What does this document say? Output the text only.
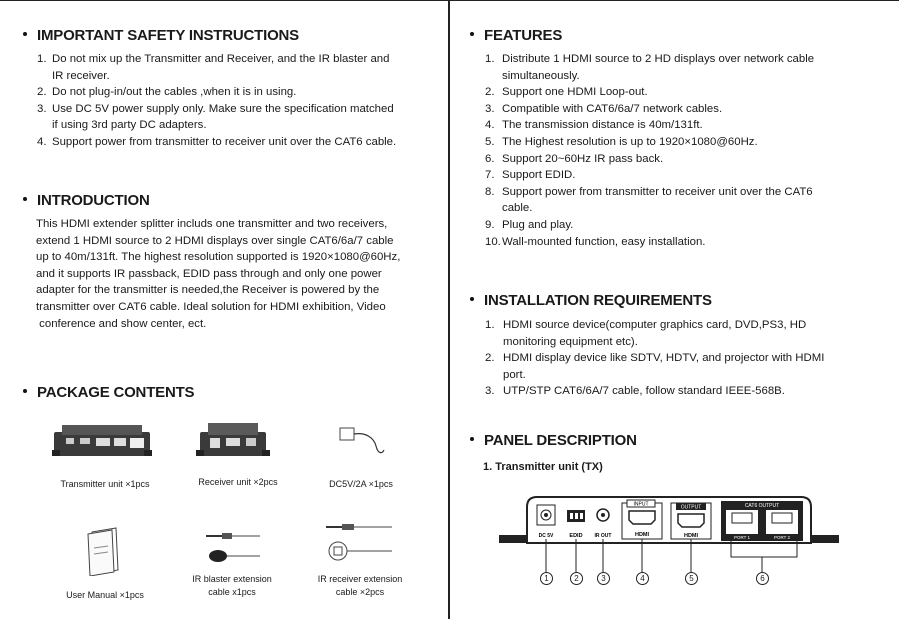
IMPORTANT SAFETY INSTRUCTIONS
1. Do not mix up the Transmitter and Receiver, and the IR blaster and
IR receiver.
2. Do not plug-in/out the cables ,when it is in using.
3. Use DC 5V power supply only. Make sure the specification matched
if using 3rd party DC adapters.
4. Support power from transmitter to receiver unit over the CAT6 cable.
INTRODUCTION
This HDMI extender splitter includs one transmitter and two receivers,
extend 1 HDMI source to 2 HDMI displays over single CAT6/6a/7 cable
up to 40m/131ft. The highest resolution supported is 1920×1080@60Hz,
and it supports IR passback, EDID pass through and only one power
adapter for the transmitter is needed,the Receiver is powered by the
transmitter over CAT6 cable. Ideal solution for HDMI exhibition, Video
conference and show center, ect.
PACKAGE CONTENTS
Transmitter unit ×1pcs	Receiver unit ×2pcs	DC5V/2A ×1pcs
User Manual ×1pcs
IR blaster extension
cable x1pcs
IR receiver extension
cable ×2pcs
FEATURES
1. Distribute 1 HDMI source to 2 HD displays over network cable
simultaneously.
2. Support one HDMI Loop-out.
3. Compatible with CAT6/6a/7 network cables.
4. The transmission distance is 40m/131ft.
5. The Highest resolution is up to 1920×1080@60Hz.
6. Support 20~60Hz IR pass back.
7. Support EDID.
8. Support power from transmitter to receiver unit over the CAT6
cable.
9. Plug and play.
10. Wall-mounted function, easy installation.
INSTALLATION REQUIREMENTS
1. HDMI source device(computer graphics card, DVD,PS3, HD
monitoring equipment etc).
2. HDMI display device like SDTV, HDTV, and projector with HDMI
port.
3. UTP/STP CAT6/6A/7 cable, follow standard IEEE-568B.
PANEL DESCRIPTION
1. Transmitter unit (TX)
DC 5V	EDID IR OUT
INPUT
HDMI
OUTPUT
HDMI
CAT6 OUTPUT
PORT 1	PORT 2
1	2	3	4	5	6
